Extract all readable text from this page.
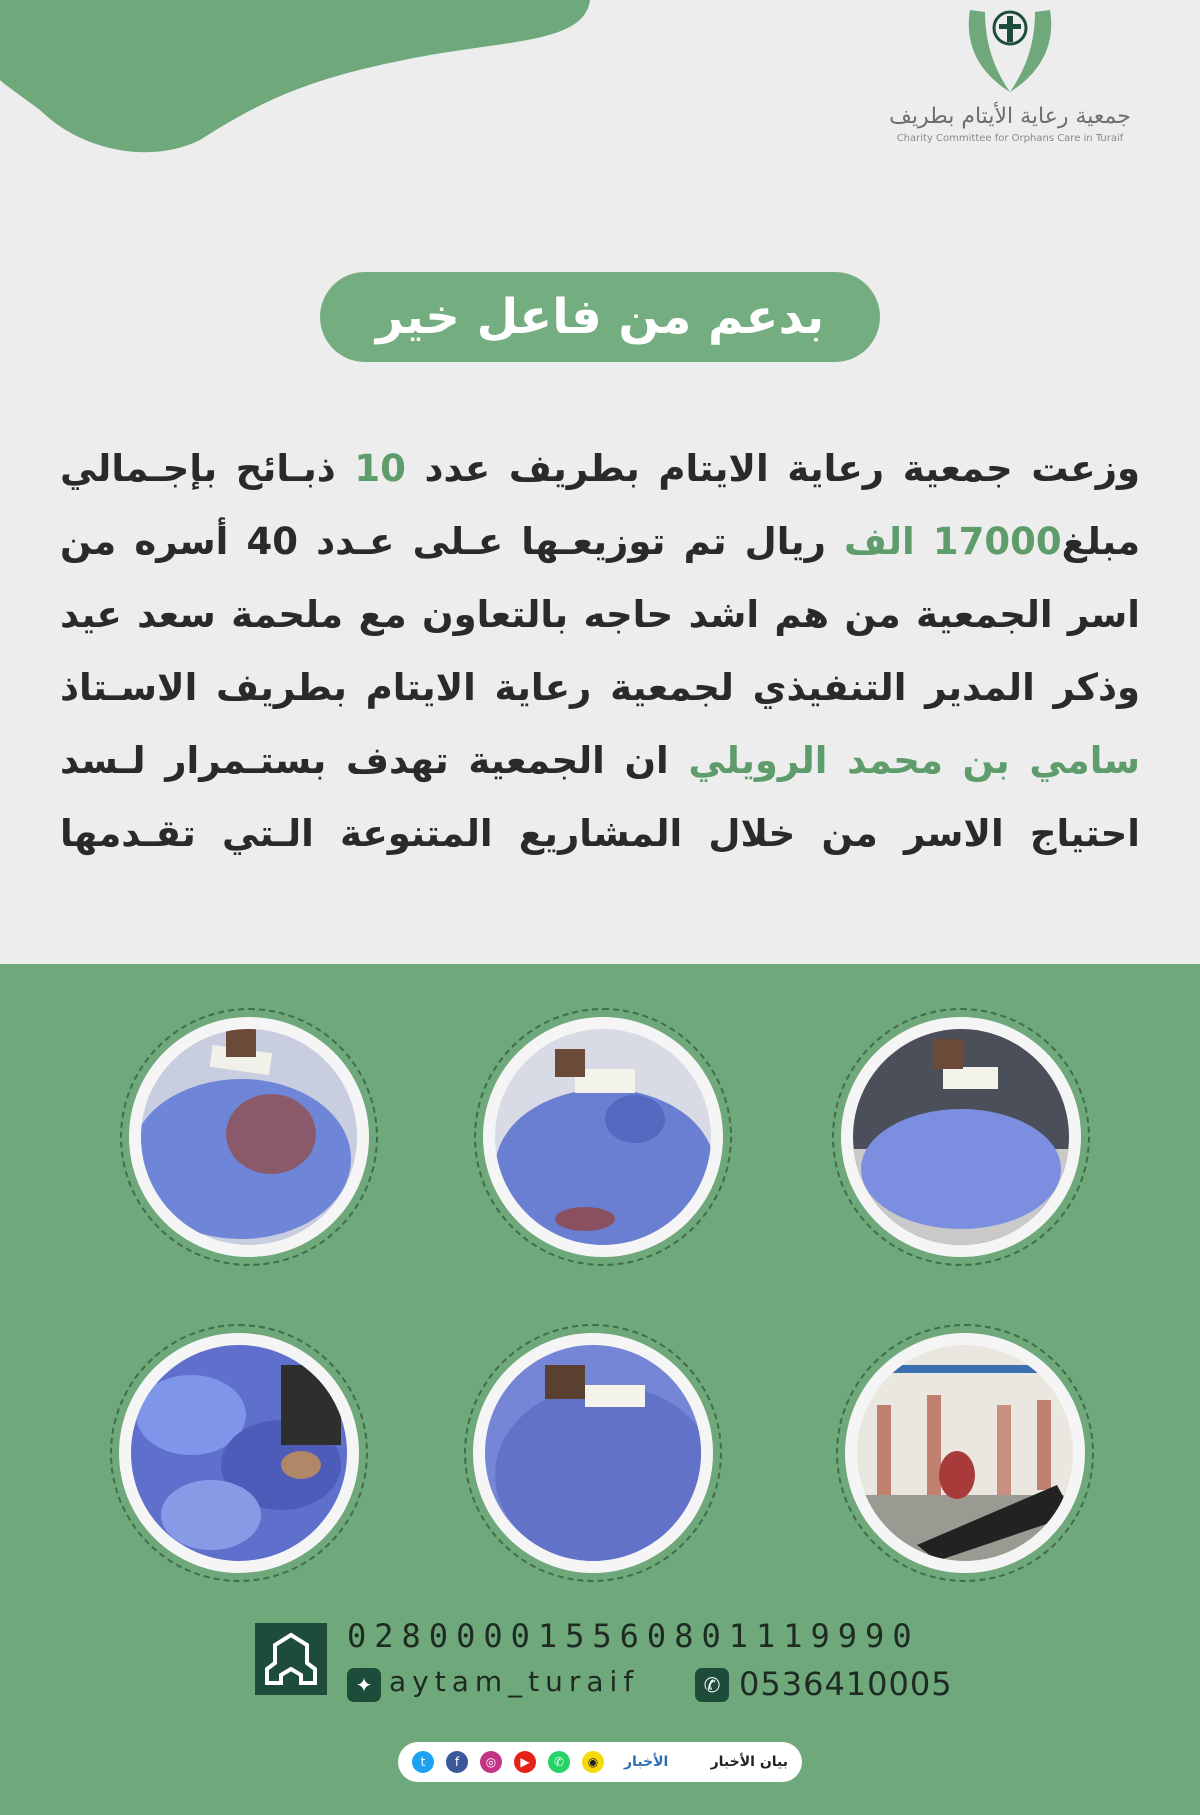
جمعية رعاية الأيتام بطريف
Charity Committee for Orphans Care in Turaif
بدعم من فاعل خير
وزعت جمعية رعاية الايتام بطريف عدد 10 ذبـائح بإجـمالي
مبلغ17000 الف ريال تم توزيعـها عـلى عـدد 40 أسره من
اسر الجمعية من هم اشد حاجه بالتعاون مع ملحمة سعد عيد
وذكر المدير التنفيذي لجمعية رعاية الايتام بطريف الاسـتاذ
سامي بن محمد الرويلي ان الجمعية تهدف بستـمرار لـسد
احتياج الاسر من خلال المشاريع المتنوعة الـتي تقـدمها
028000015560801119990
✦ aytam_turaif	✆ 0536410005
t	f	◎	▶	✆	◉	الأخبار	بيان الأخبار
